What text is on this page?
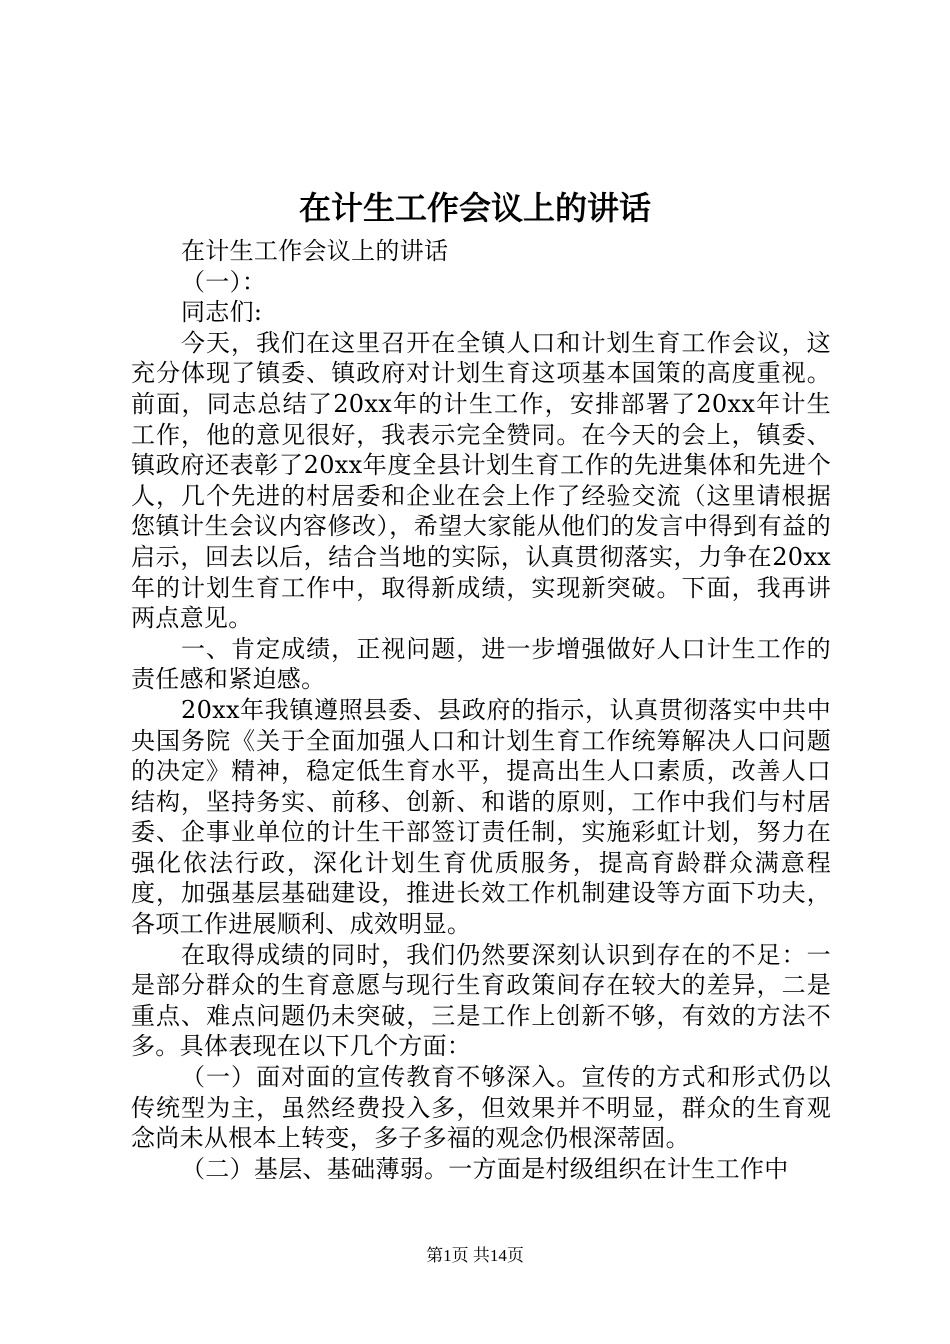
在计生工作会议上的讲话

在计生工作会议上的讲话

（一）：

同志们:

今天，我们在这里召开在全镇人口和计划生育工作会议，这充分体现了镇委、镇政府对计划生育这项基本国策的高度重视。前面，同志总结了20xx年的计生工作，安排部署了20xx年计生工作，他的意见很好，我表示完全赞同。在今天的会上，镇委、镇政府还表彰了20xx年度全县计划生育工作的先进集体和先进个人，几个先进的村居委和企业在会上作了经验交流（这里请根据您镇计生会议内容修改），希望大家能从他们的发言中得到有益的启示，回去以后，结合当地的实际，认真贯彻落实，力争在20xx年的计划生育工作中，取得新成绩，实现新突破。下面，我再讲两点意见。

一、肯定成绩，正视问题，进一步增强做好人口计生工作的责任感和紧迫感。

20xx年我镇遵照县委、县政府的指示，认真贯彻落实中共中央国务院《关于全面加强人口和计划生育工作统筹解决人口问题的决定》精神，稳定低生育水平，提高出生人口素质，改善人口结构，坚持务实、前移、创新、和谐的原则，工作中我们与村居委、企事业单位的计生干部签订责任制，实施彩虹计划，努力在强化依法行政，深化计划生育优质服务，提高育龄群众满意程度，加强基层基础建设，推进长效工作机制建设等方面下功夫，各项工作进展顺利、成效明显。

在取得成绩的同时，我们仍然要深刻认识到存在的不足：一是部分群众的生育意愿与现行生育政策间存在较大的差异，二是重点、难点问题仍未突破，三是工作上创新不够，有效的方法不多。具体表现在以下几个方面：

（一）面对面的宣传教育不够深入。宣传的方式和形式仍以传统型为主，虽然经费投入多，但效果并不明显，群众的生育观念尚未从根本上转变，多子多福的观念仍根深蒂固。

（二）基层、基础薄弱。一方面是村级组织在计生工作中

第1页 共14页
